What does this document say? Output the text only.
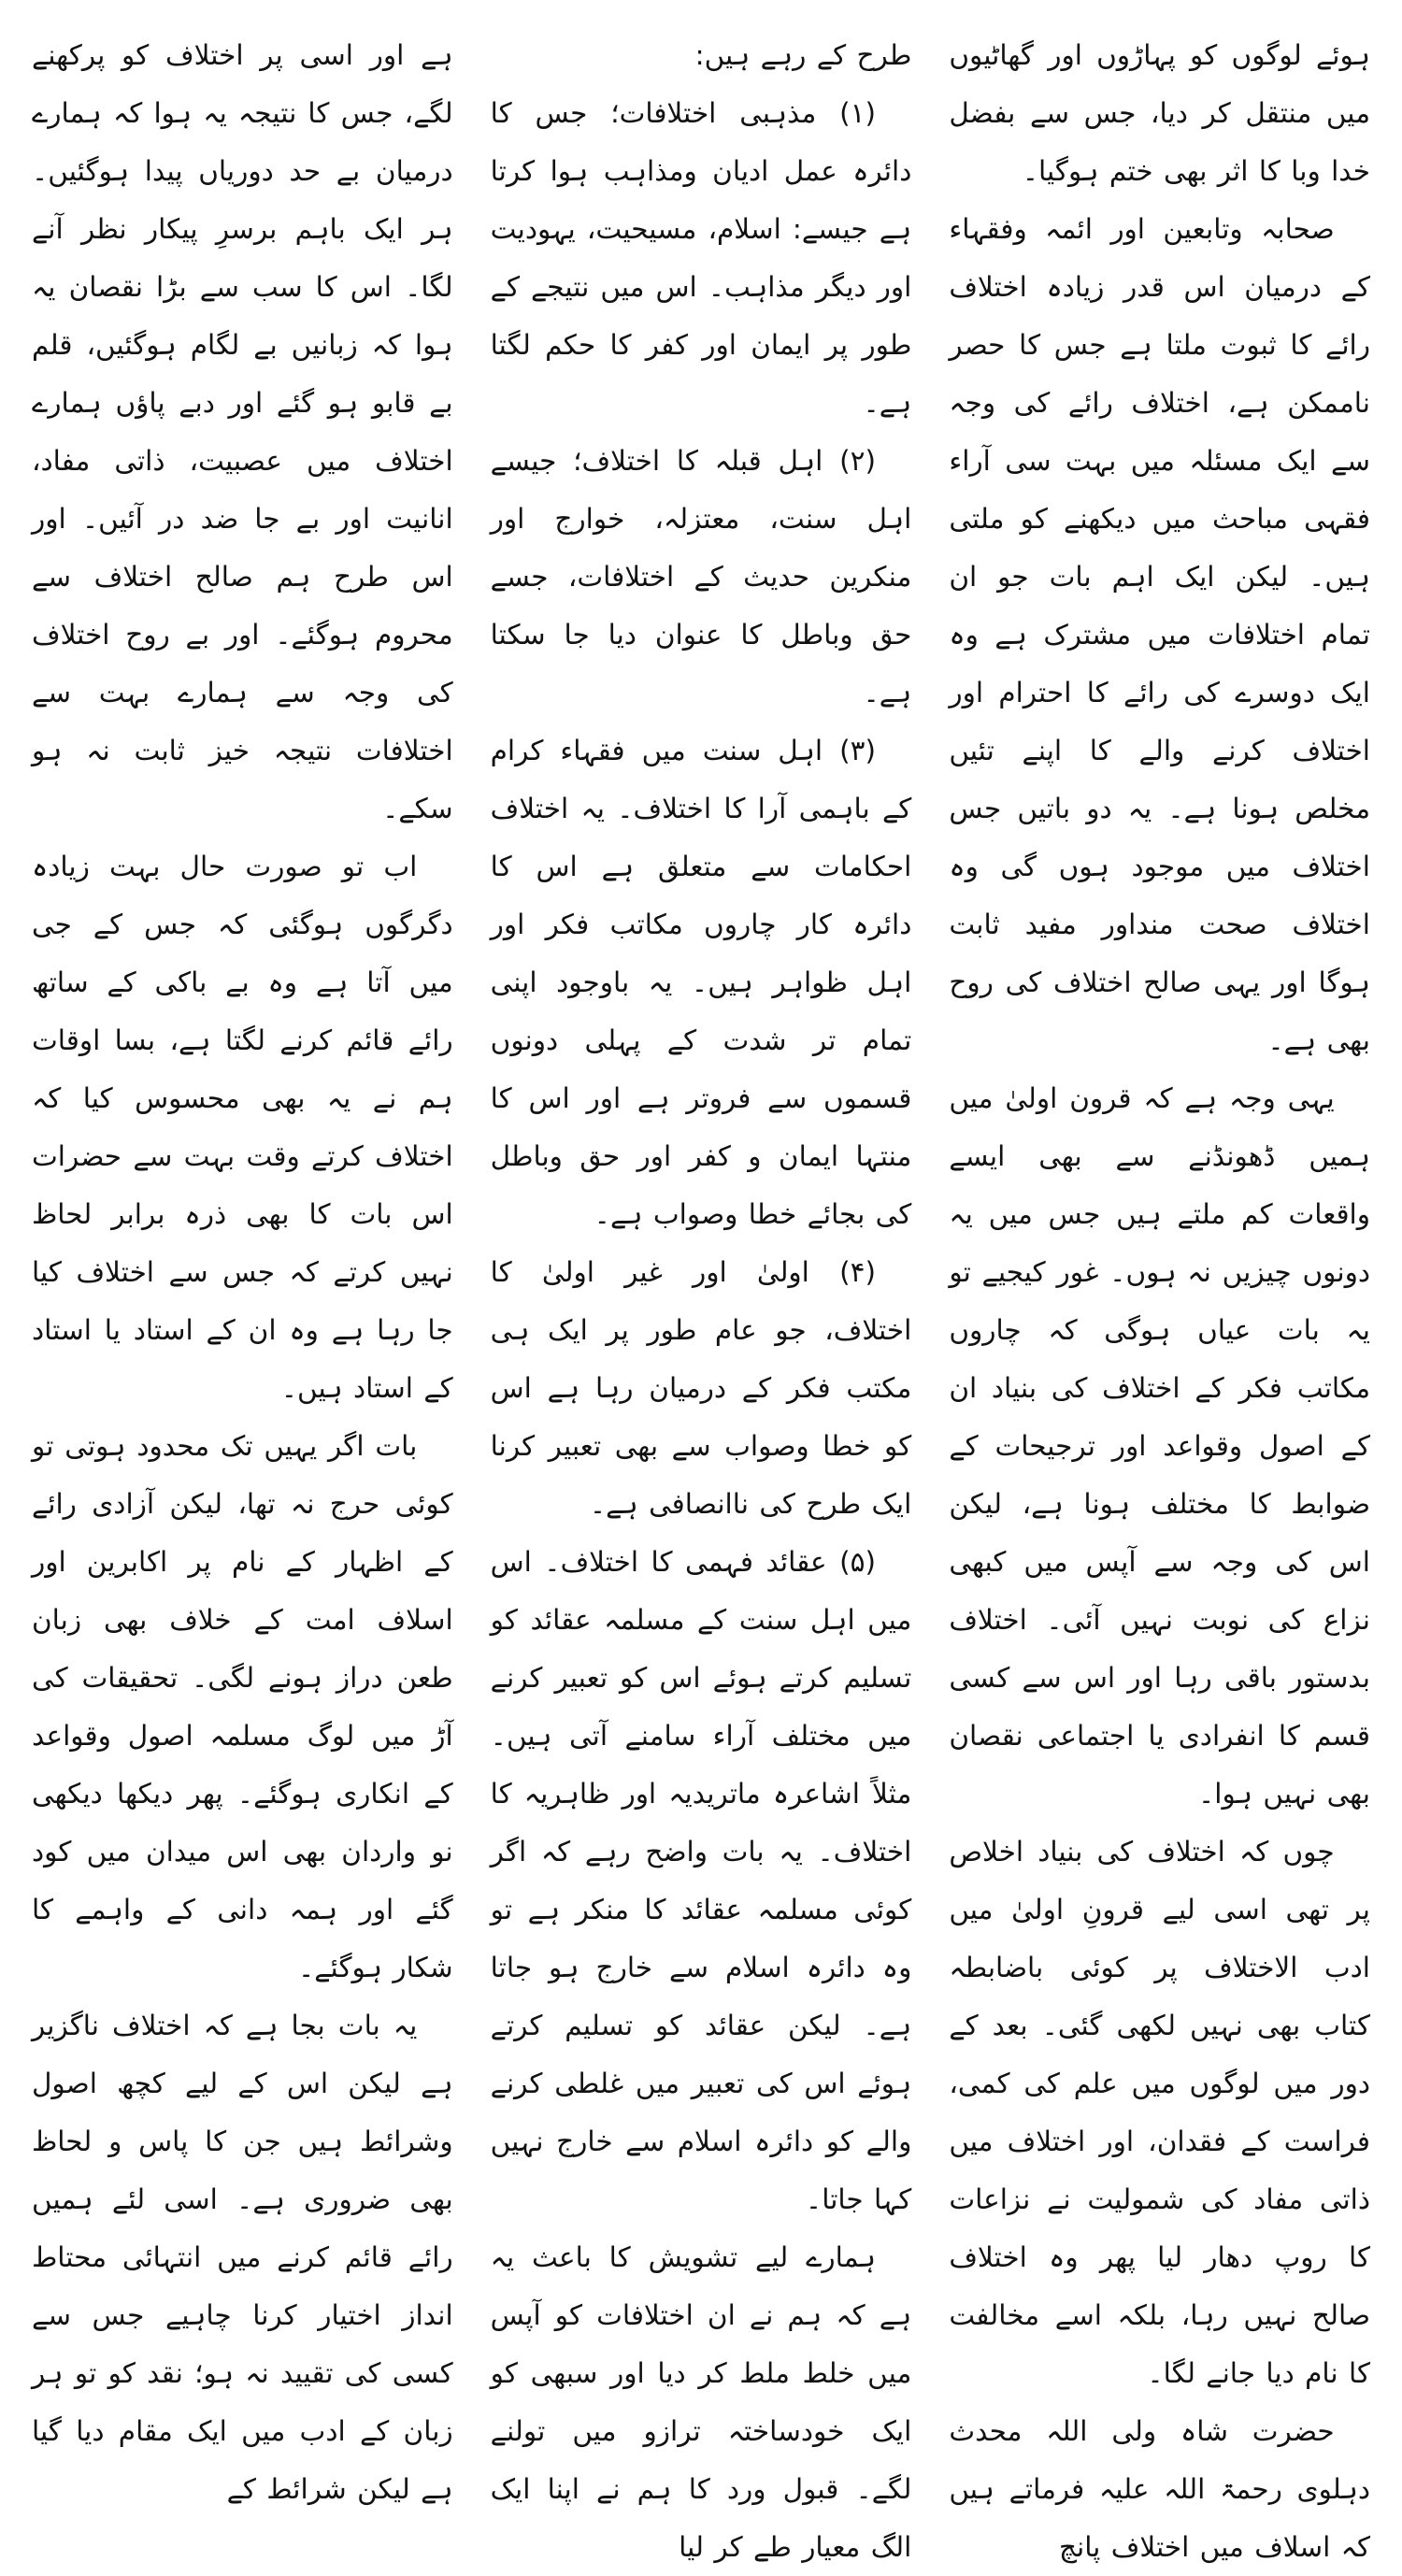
ہوئے لوگوں کو پہاڑوں اور گھاٹیوں میں منتقل کر دیا، جس سے بفضل خدا وبا کا اثر بھی ختم ہوگیا۔

صحابہ وتابعین اور ائمہ وفقہاء کے درمیان اس قدر زیادہ اختلاف رائے کا ثبوت ملتا ہے جس کا حصر ناممکن ہے، اختلاف رائے کی وجہ سے ایک مسئلہ میں بہت سی آراء فقہی مباحث میں دیکھنے کو ملتی ہیں۔ لیکن ایک اہم بات جو ان تمام اختلافات میں مشترک ہے وہ ایک دوسرے کی رائے کا احترام اور اختلاف کرنے والے کا اپنے تئیں مخلص ہونا ہے۔ یہ دو باتیں جس اختلاف میں موجود ہوں گی وہ اختلاف صحت منداور مفید ثابت ہوگا اور یہی صالح اختلاف کی روح بھی ہے۔

یہی وجہ ہے کہ قرون اولیٰ میں ہمیں ڈھونڈنے سے بھی ایسے واقعات کم ملتے ہیں جس میں یہ دونوں چیزیں نہ ہوں۔ غور کیجیے تو یہ بات عیاں ہوگی کہ چاروں مکاتب فکر کے اختلاف کی بنیاد ان کے اصول وقواعد اور ترجیحات کے ضوابط کا مختلف ہونا ہے، لیکن اس کی وجہ سے آپس میں کبھی نزاع کی نوبت نہیں آئی۔ اختلاف بدستور باقی رہا اور اس سے کسی قسم کا انفرادی یا اجتماعی نقصان بھی نہیں ہوا۔

چوں کہ اختلاف کی بنیاد اخلاص پر تھی اسی لیے قرونِ اولیٰ میں ادب الاختلاف پر کوئی باضابطہ کتاب بھی نہیں لکھی گئی۔ بعد کے دور میں لوگوں میں علم کی کمی، فراست کے فقدان، اور اختلاف میں ذاتی مفاد کی شمولیت نے نزاعات کا روپ دھار لیا پھر وہ اختلاف صالح نہیں رہا، بلکہ اسے مخالفت کا نام دیا جانے لگا۔

حضرت شاہ ولی اللہ محدث دہلوی رحمۃ اللہ علیہ فرماتے ہیں کہ اسلاف میں اختلاف پانچ

طرح کے رہے ہیں:

(۱) مذہبی اختلافات؛ جس کا دائرہ عمل ادیان ومذاہب ہوا کرتا ہے جیسے: اسلام، مسیحیت، یہودیت اور دیگر مذاہب۔ اس میں نتیجے کے طور پر ایمان اور کفر کا حکم لگتا ہے۔

(۲) اہل قبلہ کا اختلاف؛ جیسے اہل سنت، معتزلہ، خوارج اور منکرین حدیث کے اختلافات، جسے حق وباطل کا عنوان دیا جا سکتا ہے۔

(۳) اہل سنت میں فقہاء کرام کے باہمی آرا کا اختلاف۔ یہ اختلاف احکامات سے متعلق ہے اس کا دائرہ کار چاروں مکاتب فکر اور اہل ظواہر ہیں۔ یہ باوجود اپنی تمام تر شدت کے پہلی دونوں قسموں سے فروتر ہے اور اس کا منتہا ایمان و کفر اور حق وباطل کی بجائے خطا وصواب ہے۔

(۴) اولیٰ اور غیر اولیٰ کا اختلاف، جو عام طور پر ایک ہی مکتب فکر کے درمیان رہا ہے اس کو خطا وصواب سے بھی تعبیر کرنا ایک طرح کی ناانصافی ہے۔

(۵) عقائد فہمی کا اختلاف۔ اس میں اہل سنت کے مسلمہ عقائد کو تسلیم کرتے ہوئے اس کو تعبیر کرنے میں مختلف آراء سامنے آتی ہیں۔ مثلاً اشاعرہ ماتریدیہ اور ظاہریہ کا اختلاف۔ یہ بات واضح رہے کہ اگر کوئی مسلمہ عقائد کا منکر ہے تو وہ دائرہ اسلام سے خارج ہو جاتا ہے۔ لیکن عقائد کو تسلیم کرتے ہوئے اس کی تعبیر میں غلطی کرنے والے کو دائرہ اسلام سے خارج نہیں کہا جاتا۔

ہمارے لیے تشویش کا باعث یہ ہے کہ ہم نے ان اختلافات کو آپس میں خلط ملط کر دیا اور سبھی کو ایک خودساختہ ترازو میں تولنے لگے۔ قبول ورد کا ہم نے اپنا ایک الگ معیار طے کر لیا

ہے اور اسی پر اختلاف کو پرکھنے لگے، جس کا نتیجہ یہ ہوا کہ ہمارے درمیان بے حد دوریاں پیدا ہوگئیں۔ ہر ایک باہم برسرِ پیکار نظر آنے لگا۔ اس کا سب سے بڑا نقصان یہ ہوا کہ زبانیں بے لگام ہوگئیں، قلم بے قابو ہو گئے اور دبے پاؤں ہمارے اختلاف میں عصبیت، ذاتی مفاد، انانیت اور بے جا ضد در آئیں۔ اور اس طرح ہم صالح اختلاف سے محروم ہوگئے۔ اور بے روح اختلاف کی وجہ سے ہمارے بہت سے اختلافات نتیجہ خیز ثابت نہ ہو سکے۔

اب تو صورت حال بہت زیادہ دگرگوں ہوگئی کہ جس کے جی میں آتا ہے وہ بے باکی کے ساتھ رائے قائم کرنے لگتا ہے، بسا اوقات ہم نے یہ بھی محسوس کیا کہ اختلاف کرتے وقت بہت سے حضرات اس بات کا بھی ذرہ برابر لحاظ نہیں کرتے کہ جس سے اختلاف کیا جا رہا ہے وہ ان کے استاد یا استاد کے استاد ہیں۔

بات اگر یہیں تک محدود ہوتی تو کوئی حرج نہ تھا، لیکن آزادی رائے کے اظہار کے نام پر اکابرین اور اسلاف امت کے خلاف بھی زبان طعن دراز ہونے لگی۔ تحقیقات کی آڑ میں لوگ مسلمہ اصول وقواعد کے انکاری ہوگئے۔ پھر دیکھا دیکھی نو واردان بھی اس میدان میں کود گئے اور ہمہ دانی کے واہمے کا شکار ہوگئے۔

یہ بات بجا ہے کہ اختلاف ناگزیر ہے لیکن اس کے لیے کچھ اصول وشرائط ہیں جن کا پاس و لحاظ بھی ضروری ہے۔ اسی لئے ہمیں رائے قائم کرنے میں انتہائی محتاط انداز اختیار کرنا چاہیے جس سے کسی کی تقیید نہ ہو؛ نقد کو تو ہر زبان کے ادب میں ایک مقام دیا گیا ہے لیکن شرائط کے
